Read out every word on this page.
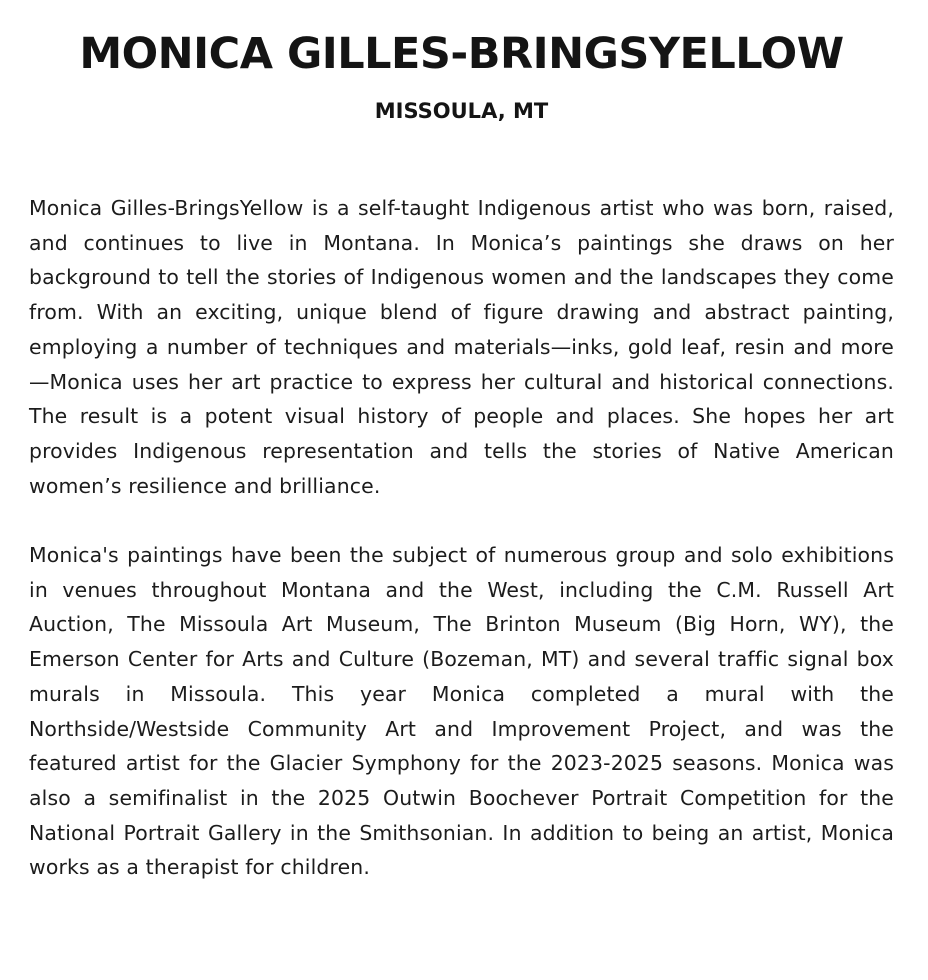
MONICA GILLES-BRINGSYELLOW
MISSOULA, MT

Monica Gilles-BringsYellow is a self-taught Indigenous artist who was born, raised, and continues to live in Montana. In Monica’s paintings she draws on her background to tell the stories of Indigenous women and the landscapes they come from. With an exciting, unique blend of figure drawing and abstract painting, employing a number of techniques and materials—inks, gold leaf, resin and more—Monica uses her art practice to express her cultural and historical connections. The result is a potent visual history of people and places. She hopes her art provides Indigenous representation and tells the stories of Native American women’s resilience and brilliance.

Monica's paintings have been the subject of numerous group and solo exhibitions in venues throughout Montana and the West, including the C.M. Russell Art Auction, The Missoula Art Museum, The Brinton Museum (Big Horn, WY), the Emerson Center for Arts and Culture (Bozeman, MT) and several traffic signal box murals in Missoula. This year Monica completed a mural with the Northside/Westside Community Art and Improvement Project, and was the featured artist for the Glacier Symphony for the 2023-2025 seasons. Monica was also a semifinalist in the 2025 Outwin Boochever Portrait Competition for the National Portrait Gallery in the Smithsonian. In addition to being an artist, Monica works as a therapist for children.
